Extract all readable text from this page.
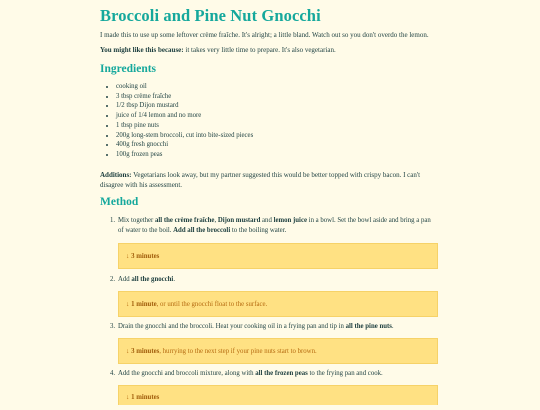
Broccoli and Pine Nut Gnocchi

I made this to use up some leftover crème fraîche. It's alright; a little bland. Watch out so you don't overdo the lemon.

You might like this because: it takes very little time to prepare. It's also vegetarian.

Ingredients
• cooking oil
• 3 tbsp crème fraîche
• 1/2 tbsp Dijon mustard
• juice of 1/4 lemon and no more
• 1 tbsp pine nuts
• 200g long-stem broccoli, cut into bite-sized pieces
• 400g fresh gnocchi
• 100g frozen peas

Additions: Vegetarians look away, but my partner suggested this would be better topped with crispy bacon. I can't disagree with his assessment.

Method
1. Mix together all the crème fraîche, Dijon mustard and lemon juice in a bowl. Set the bowl aside and bring a pan of water to the boil. Add all the broccoli to the boiling water.
↓ 3 minutes
2. Add all the gnocchi.
↓ 1 minute, or until the gnocchi float to the surface.
3. Drain the gnocchi and the broccoli. Heat your cooking oil in a frying pan and tip in all the pine nuts.
↓ 3 minutes, hurrying to the next step if your pine nuts start to brown.
4. Add the gnocchi and broccoli mixture, along with all the frozen peas to the frying pan and cook.
↓ 1 minutes
